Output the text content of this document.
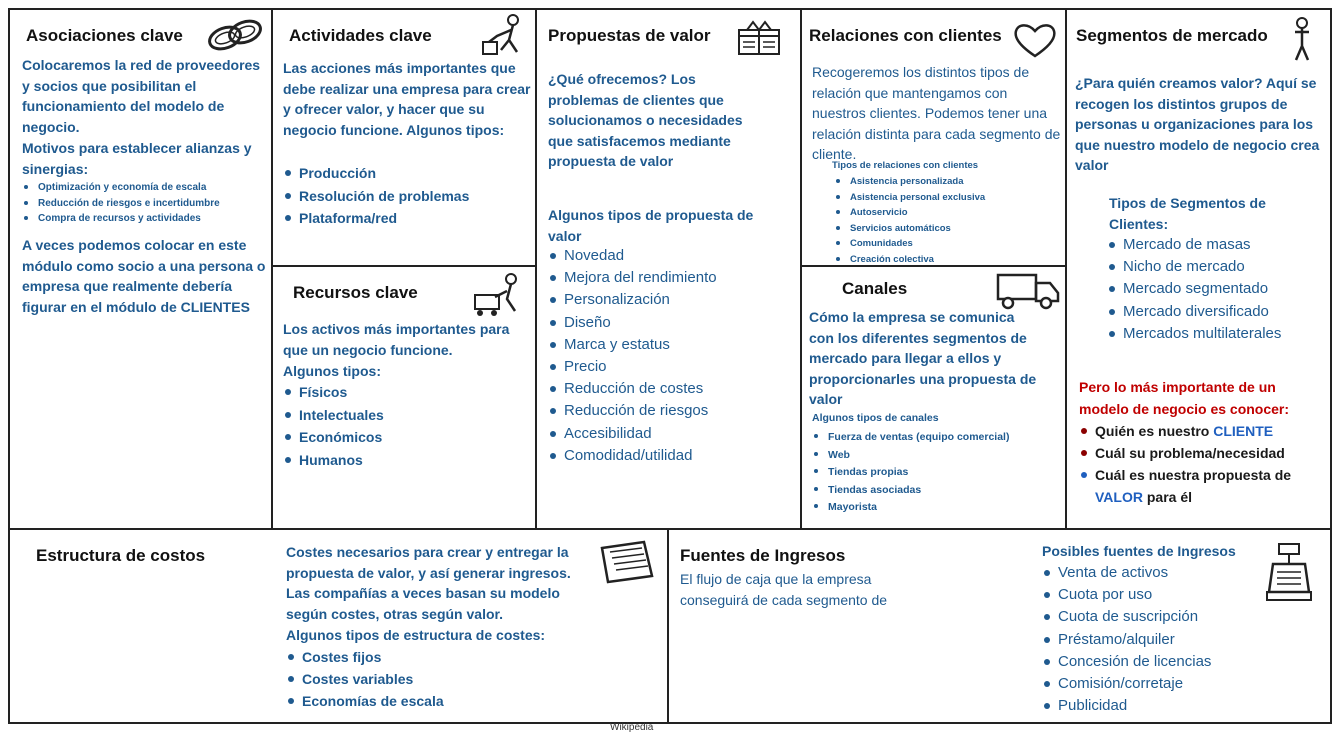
Asociaciones clave
Colocaremos la red de proveedores y socios que posibilitan el funcionamiento del modelo de negocio.
Motivos para establecer alianzas y sinergias:
Optimización y economía de escala
Reducción de riesgos e incertidumbre
Compra de recursos y actividades
A veces podemos colocar en este módulo como socio a una persona o empresa que realmente debería figurar en el módulo de CLIENTES
Actividades clave
Las acciones más importantes que debe realizar una empresa para crear y ofrecer valor, y hacer que su negocio funcione. Algunos tipos:
Producción
Resolución de problemas
Plataforma/red
Recursos clave
Los activos más importantes para que un negocio funcione.
Algunos tipos:
Físicos
Intelectuales
Económicos
Humanos
Propuestas de valor
¿Qué ofrecemos? Los problemas de clientes que solucionamos o necesidades que satisfacemos mediante propuesta de valor
Algunos tipos de propuesta de valor
Novedad
Mejora del rendimiento
Personalización
Diseño
Marca y estatus
Precio
Reducción de costes
Reducción de riesgos
Accesibilidad
Comodidad/utilidad
Relaciones con clientes
Recogeremos los distintos tipos de relación que mantengamos con nuestros clientes. Podemos tener una relación distinta para cada segmento de cliente.
Tipos de relaciones con clientes
Asistencia personalizada
Asistencia personal exclusiva
Autoservicio
Servicios automáticos
Comunidades
Creación colectiva
Canales
Cómo la empresa se comunica con los diferentes segmentos de mercado para llegar a ellos y proporcionarles una propuesta de valor
Algunos tipos de canales
Fuerza de ventas (equipo comercial)
Web
Tiendas propias
Tiendas asociadas
Mayorista
Segmentos de mercado
¿Para quién creamos valor? Aquí se recogen los distintos grupos de personas u organizaciones para los que nuestro modelo de negocio crea valor
Tipos de Segmentos de Clientes:
Mercado de masas
Nicho de mercado
Mercado segmentado
Mercado diversificado
Mercados multilaterales
Pero lo más importante de un modelo de negocio es conocer:
Quién es nuestro CLIENTE
Cuál su problema/necesidad
Cuál es nuestra propuesta de VALOR para él
Estructura de costos	Costes necesarios para crear y entregar la propuesta de valor, y así generar ingresos. Las compañías a veces basan su modelo según costes, otras según valor.
Algunos tipos de estructura de costes:
Costes fijos
Costes variables
Economías de escala
Fuentes de Ingresos
El flujo de caja que la empresa conseguirá de cada segmento de
Posibles fuentes de Ingresos
Venta de activos
Cuota por uso
Cuota de suscripción
Préstamo/alquiler
Concesión de licencias
Comisión/corretaje
Publicidad
Wikipedia
